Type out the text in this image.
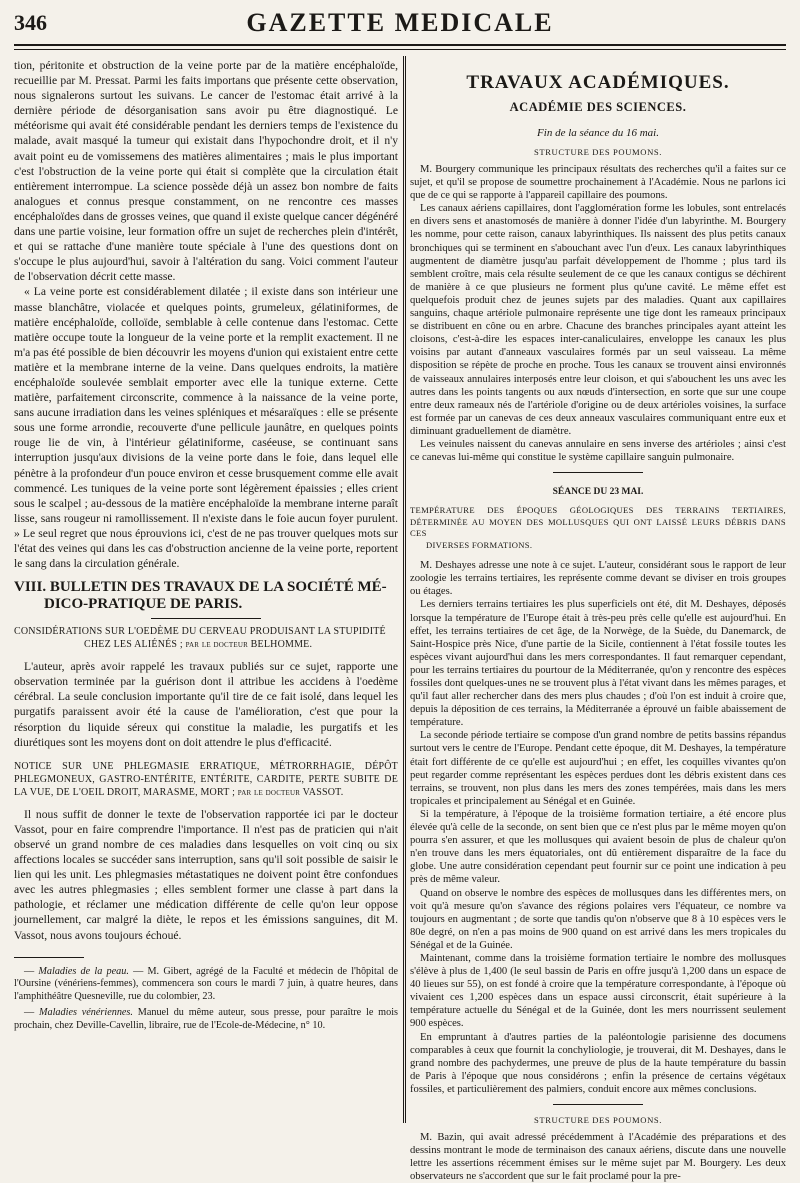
346	GAZETTE MEDICALE

tion, péritonite et obstruction de la veine porte par de la matière encéphaloïde, recueillie par M. Pressat. Parmi les faits importans que présente cette observation, nous signalerons surtout les suivans. Le cancer de l'estomac était arrivé à la dernière période de désorganisation sans avoir pu être diagnostiqué. Le météorisme qui avait été considérable pendant les derniers temps de l'existence du malade, avait masqué la tumeur qui existait dans l'hypochondre droit, et il n'y avait point eu de vomissemens des matières alimentaires ; mais le plus important c'est l'obstruction de la veine porte qui était si complète que la circulation était entièrement interrompue. La science possède déjà un assez bon nombre de faits analogues et connus presque constamment, on ne rencontre ces masses encéphaloïdes dans de grosses veines, que quand il existe quelque cancer dégénéré dans une partie voisine, leur formation offre un sujet de recherches plein d'intérêt, et qui se rattache d'une manière toute spéciale à l'une des questions dont on s'occupe le plus aujourd'hui, savoir à l'altération du sang. Voici comment l'auteur de l'observation décrit cette masse.

« La veine porte est considérablement dilatée ; il existe dans son intérieur une masse blanchâtre, violacée et quelques points, grumeleux, gélatiniformes, de matière encéphaloïde, colloïde, semblable à celle contenue dans l'estomac. Cette matière occupe toute la longueur de la veine porte et la remplit exactement. Il ne m'a pas été possible de bien découvrir les moyens d'union qui existaient entre cette matière et la membrane interne de la veine. Dans quelques endroits, la matière encéphaloïde soulevée semblait emporter avec elle la tunique externe. Cette matière, parfaitement circonscrite, commence à la naissance de la veine porte, sans aucune irradiation dans les veines spléniques et mésaraïques : elle se présente sous une forme arrondie, recouverte d'une pellicule jaunâtre, en quelques points rouge lie de vin, à l'intérieur gélatiniforme, caséeuse, se continuant sans interruption jusqu'aux divisions de la veine porte dans le foie, dans lequel elle pénètre à la profondeur d'un pouce environ et cesse brusquement comme elle avait commencé. Les tuniques de la veine porte sont légèrement épaissies ; elles crient sous le scalpel ; au-dessous de la matière encéphaloïde la membrane interne paraît lisse, sans rougeur ni ramollissement. Il n'existe dans le foie aucun foyer purulent. » Le seul regret que nous éprouvions ici, c'est de ne pas trouver quelques mots sur l'état des veines qui dans les cas d'obstruction ancienne de la veine porte, reportent le sang dans la circulation générale.

VIII. BULLETIN DES TRAVAUX DE LA SOCIÉTÉ MÉ-
DICO-PRATIQUE DE PARIS.
CONSIDÉRATIONS SUR L'OEDÈME DU CERVEAU PRODUISANT LA STUPIDITÉ
CHEZ LES ALIÉNÉS ; par le docteur BELHOMME.

L'auteur, après avoir rappelé les travaux publiés sur ce sujet, rapporte une observation terminée par la guérison dont il attribue les accidens à l'oedème cérébral. La seule conclusion importante qu'il tire de ce fait isolé, dans lequel les purgatifs paraissent avoir été la cause de l'amélioration, c'est que pour la résorption du liquide séreux qui constitue la maladie, les purgatifs et les diurétiques sont les moyens dont on doit attendre le plus d'efficacité.

NOTICE SUR UNE PHLEGMASIE ERRATIQUE, MÉTRORRHAGIE, DÉPÔT PHLEGMONEUX, GASTRO-ENTÉRITE, ENTÉRITE, CARDITE, PERTE SUBITE DE LA VUE, DE L'OEIL DROIT, MARASME, MORT ; par le docteur VASSOT.

Il nous suffit de donner le texte de l'observation rapportée ici par le docteur Vassot, pour en faire comprendre l'importance. Il n'est pas de praticien qui n'ait observé un grand nombre de ces maladies dans lesquelles on voit cinq ou six affections locales se succéder sans interruption, sans qu'il soit possible de saisir le lien qui les unit. Les phlegmasies métastatiques ne doivent point être confondues avec les autres phlegmasies ; elles semblent former une classe à part dans la pathologie, et réclamer une médication différente de celle qu'on leur oppose journellement, car malgré la diète, le repos et les émissions sanguines, dit M. Vassot, nous avons toujours échoué.

— Maladies de la peau. — M. Gibert, agrégé de la Faculté et médecin de l'hôpital de l'Oursine (vénériens-femmes), commencera son cours le mardi 7 juin, à quatre heures, dans l'amphithéâtre Quesneville, rue du colombier, 23.

— Maladies vénériennes. Manuel du même auteur, sous presse, pour paraître le mois prochain, chez Deville-Cavellin, libraire, rue de l'Ecole-de-Médecine, n° 10.

TRAVAUX ACADÉMIQUES.
ACADÉMIE DES SCIENCES.
Fin de la séance du 16 mai.
STRUCTURE DES POUMONS.

M. Bourgery communique les principaux résultats des recherches qu'il a faites sur ce sujet, et qu'il se propose de soumettre prochainement à l'Académie. Nous ne parlons ici que de ce qui se rapporte à l'appareil capillaire des poumons.

Les canaux aériens capillaires, dont l'agglomération forme les lobules, sont entrelacés en divers sens et anastomosés de manière à donner l'idée d'un labyrinthe. M. Bourgery les nomme, pour cette raison, canaux labyrinthiques. Ils naissent des plus petits canaux bronchiques qui se terminent en s'abouchant avec l'un d'eux. Les canaux labyrinthiques augmentent de diamètre jusqu'au parfait développement de l'homme ; plus tard ils semblent croître, mais cela résulte seulement de ce que les canaux contigus se déchirent de manière à ce que plusieurs ne forment plus qu'une cavité. Le même effet est quelquefois produit chez de jeunes sujets par des maladies. Quant aux capillaires sanguins, chaque artériole pulmonaire représente une tige dont les rameaux principaux se distribuent en cône ou en arbre. Chacune des branches principales ayant atteint les cloisons, c'est-à-dire les espaces inter-canaliculaires, enveloppe les canaux les plus voisins par autant d'anneaux vasculaires formés par un seul vaisseau. La même disposition se répète de proche en proche. Tous les canaux se trouvent ainsi environnés de vaisseaux annulaires interposés entre leur cloison, et qui s'abouchent les uns avec les autres dans les points tangents ou aux nœuds d'intersection, en sorte que sur une coupe entre deux rameaux nés de l'artériole d'origine ou de deux artérioles voisines, la surface est formée par un canevas de ces deux anneaux vasculaires communiquant entre eux et diminuant graduellement de diamètre.

Les veinules naissent du canevas annulaire en sens inverse des artérioles ; ainsi c'est ce canevas lui-même qui constitue le système capillaire sanguin pulmonaire.

SÉANCE DU 23 MAI.
TEMPÉRATURE DES ÉPOQUES GÉOLOGIQUES DES TERRAINS TERTIAIRES, DÉTERMINÉE AU MOYEN DES MOLLUSQUES QUI ONT LAISSÉ LEURS DÉBRIS DANS CES
DIVERSES FORMATIONS.

M. Deshayes adresse une note à ce sujet. L'auteur, considérant sous le rapport de leur zoologie les terrains tertiaires, les représente comme devant se diviser en trois groupes ou étages.

Les derniers terrains tertiaires les plus superficiels ont été, dit M. Deshayes, déposés lorsque la température de l'Europe était à très-peu près celle qu'elle est aujourd'hui. En effet, les terrains tertiaires de cet âge, de la Norwège, de la Suède, du Danemarck, de Saint-Hospice près Nice, d'une partie de la Sicile, contiennent à l'état fossile toutes les espèces vivant aujourd'hui dans les mers correspondantes. Il faut remarquer cependant, pour les terrains tertiaires du pourtour de la Méditerranée, qu'on y rencontre des espèces fossiles dont quelques-unes ne se trouvent plus à l'état vivant dans les mêmes parages, et qu'il faut aller rechercher dans des mers plus chaudes ; d'où l'on est induit à croire que, depuis la déposition de ces terrains, la Méditerranée a éprouvé un faible abaissement de température.

La seconde période tertiaire se compose d'un grand nombre de petits bassins répandus surtout vers le centre de l'Europe. Pendant cette époque, dit M. Deshayes, la température était fort différente de ce qu'elle est aujourd'hui ; en effet, les coquilles vivantes qu'on peut regarder comme représentant les espèces perdues dont les débris existent dans ces terrains, se trouvent, non plus dans les mers des zones tempérées, mais dans les mers tropicales et principalement au Sénégal et en Guinée.

Si la température, à l'époque de la troisième formation tertiaire, a été encore plus élevée qu'à celle de la seconde, on sent bien que ce n'est plus par le même moyen qu'on pourra s'en assurer, et que les mollusques qui avaient besoin de plus de chaleur qu'on n'en trouve dans les mers équatoriales, ont dû entièrement disparaître de la face du globe. Une autre considération cependant peut fournir sur ce point une indication à peu près de même valeur.

Quand on observe le nombre des espèces de mollusques dans les différentes mers, on voit qu'à mesure qu'on s'avance des régions polaires vers l'équateur, ce nombre va toujours en augmentant ; de sorte que tandis qu'on n'observe que 8 à 10 espèces vers le 80e degré, on n'en a pas moins de 900 quand on est arrivé dans les mers tropicales du Sénégal et de la Guinée.

Maintenant, comme dans la troisième formation tertiaire le nombre des mollusques s'élève à plus de 1,400 (le seul bassin de Paris en offre jusqu'à 1,200 dans un espace de 40 lieues sur 55), on est fondé à croire que la température correspondante, à l'époque où vivaient ces 1,200 espèces dans un espace aussi circonscrit, était supérieure à la température actuelle du Sénégal et de la Guinée, dont les mers nourrissent seulement 900 espèces.

En empruntant à d'autres parties de la paléontologie parisienne des documens comparables à ceux que fournit la conchyliologie, je trouverai, dit M. Deshayes, dans le grand nombre des pachydermes, une preuve de plus de la haute température du bassin de Paris à l'époque que nous considérons ; enfin la présence de certains végétaux fossiles, et particulièrement des palmiers, conduit encore aux mêmes conclusions.

STRUCTURE DES POUMONS.

M. Bazin, qui avait adressé précédemment à l'Académie des préparations et des dessins montrant le mode de terminaison des canaux aériens, discute dans une nouvelle lettre les assertions récemment émises sur le même sujet par M. Bourgery. Les deux observateurs ne s'accordent que sur le fait proclamé pour la pre-
